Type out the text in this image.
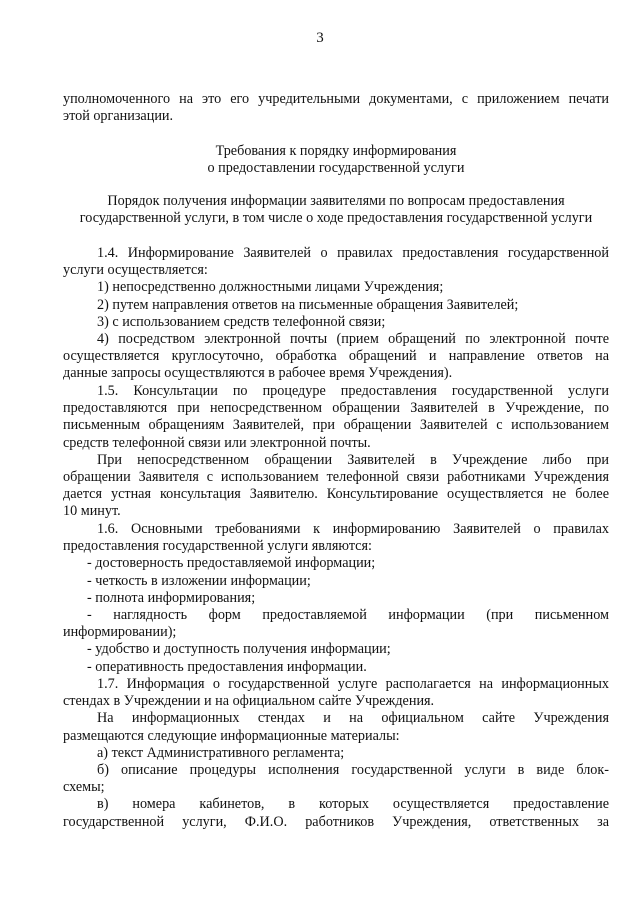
3
уполномоченного на это его учредительными документами, с приложением печати
этой организации.
Требования к порядку информирования
о предоставлении государственной услуги
Порядок получения информации заявителями по вопросам предоставления
государственной услуги, в том числе о ходе предоставления государственной услуги
1.4. Информирование Заявителей о правилах предоставления государственной
услуги осуществляется:
1) непосредственно должностными лицами Учреждения;
2) путем направления ответов на письменные обращения Заявителей;
3) с использованием средств телефонной связи;
4) посредством электронной почты (прием обращений по электронной почте
осуществляется круглосуточно, обработка обращений и направление ответов на
данные запросы осуществляются в рабочее время Учреждения).
1.5. Консультации по процедуре предоставления государственной услуги
предоставляются при непосредственном обращении Заявителей в Учреждение, по
письменным обращениям Заявителей, при обращении Заявителей с использованием
средств телефонной связи или электронной почты.
При непосредственном обращении Заявителей в Учреждение либо при
обращении Заявителя с использованием телефонной связи работниками Учреждения
дается устная консультация Заявителю. Консультирование осуществляется не более
10 минут.
1.6. Основными требованиями к информированию Заявителей о правилах
предоставления государственной услуги являются:
- достоверность предоставляемой информации;
- четкость в изложении информации;
- полнота информирования;
- наглядность форм предоставляемой информации (при письменном
информировании);
- удобство и доступность получения информации;
- оперативность предоставления информации.
1.7. Информация о государственной услуге располагается на информационных
стендах в Учреждении и на официальном сайте Учреждения.
На информационных стендах и на официальном сайте Учреждения
размещаются следующие информационные материалы:
а) текст Административного регламента;
б) описание процедуры исполнения государственной услуги в виде блок-
схемы;
в) номера кабинетов, в которых осуществляется предоставление
государственной услуги, Ф.И.О. работников Учреждения, ответственных за
